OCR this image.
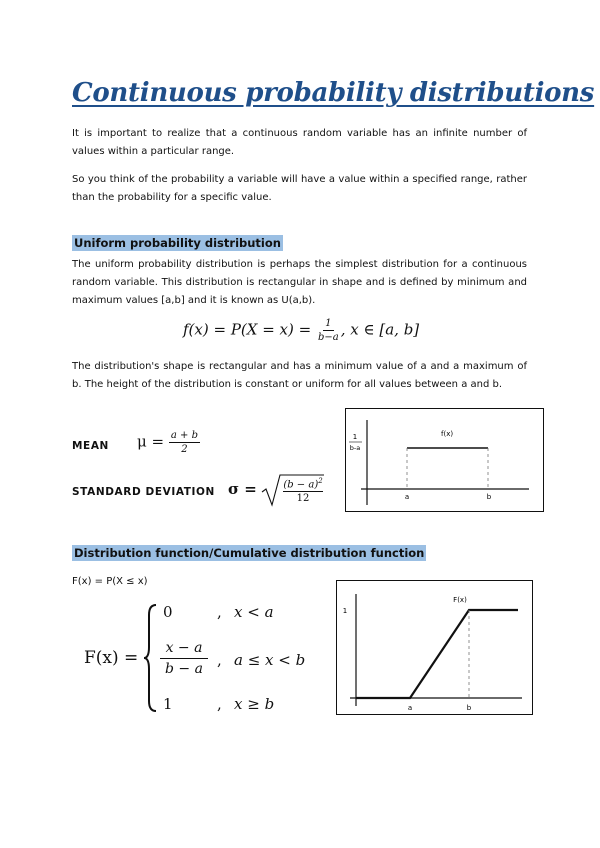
Continuous probability distributions
It is important to realize that a continuous random variable has an infinite number of values within a particular range.
So you think of the probability a variable will have a value within a specified range, rather than the probability for a specific value.
Uniform probability distribution
The uniform probability distribution is perhaps the simplest distribution for a continuous random variable. This distribution is rectangular in shape and is defined by minimum and maximum values [a,b] and it is known as U(a,b).
$f(x) = P(X = x) = \frac{1}{b-a}$ , x ∈ [a, b]
The distribution's shape is rectangular and has a minimum value of a and a maximum of b. The height of the distribution is constant or uniform for all values between a and b.
MEAN $\mu = \frac{a + b}{2}$
STANDARD DEVIATION σ =	$\frac{(b - a)^2}{12}$
1
b-a
f(x)
a	b
Distribution function/Cumulative distribution function
F(x) = P(X ≤ x)
F(x) =
0	, x < a
$\frac{x - a}{b - a}$ , a ≤ x < b
1	, x ≥ b
1
F(x)
a	b
